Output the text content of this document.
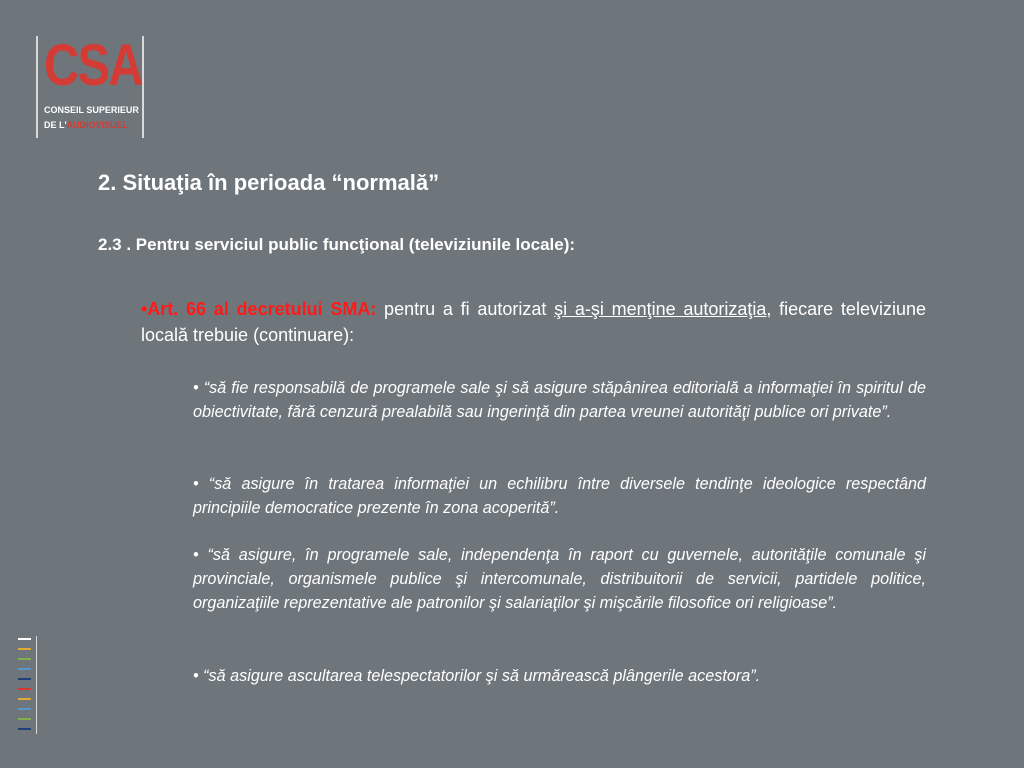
CSA
CONSEIL SUPERIEUR
DE L'AUDIOVISUEL
2. Situaţia în perioada “normală”
2.3 . Pentru serviciul public funcţional (televiziunile locale):
•Art. 66 al decretului SMA: pentru a fi autorizat şi a-şi menţine autorizaţia, fiecare televiziune locală trebuie (continuare):
• “să fie responsabilă de programele sale şi să asigure stăpânirea editorială a informaţiei în spiritul de obiectivitate, fără cenzură prealabilă sau ingerinţă din partea vreunei autorităţi publice ori private”.
• “să asigure în tratarea informaţiei un echilibru între diversele tendinţe ideologice respectând principiile democratice prezente în zona acoperită”.
• “să asigure, în programele sale, independenţa în raport cu guvernele, autorităţile comunale şi provinciale, organismele publice şi intercomunale, distribuitorii de servicii, partidele politice, organizaţiile reprezentative ale patronilor şi salariaţilor şi mişcările filosofice ori religioase”.
• “să asigure ascultarea telespectatorilor şi să urmărească plângerile acestora”.
